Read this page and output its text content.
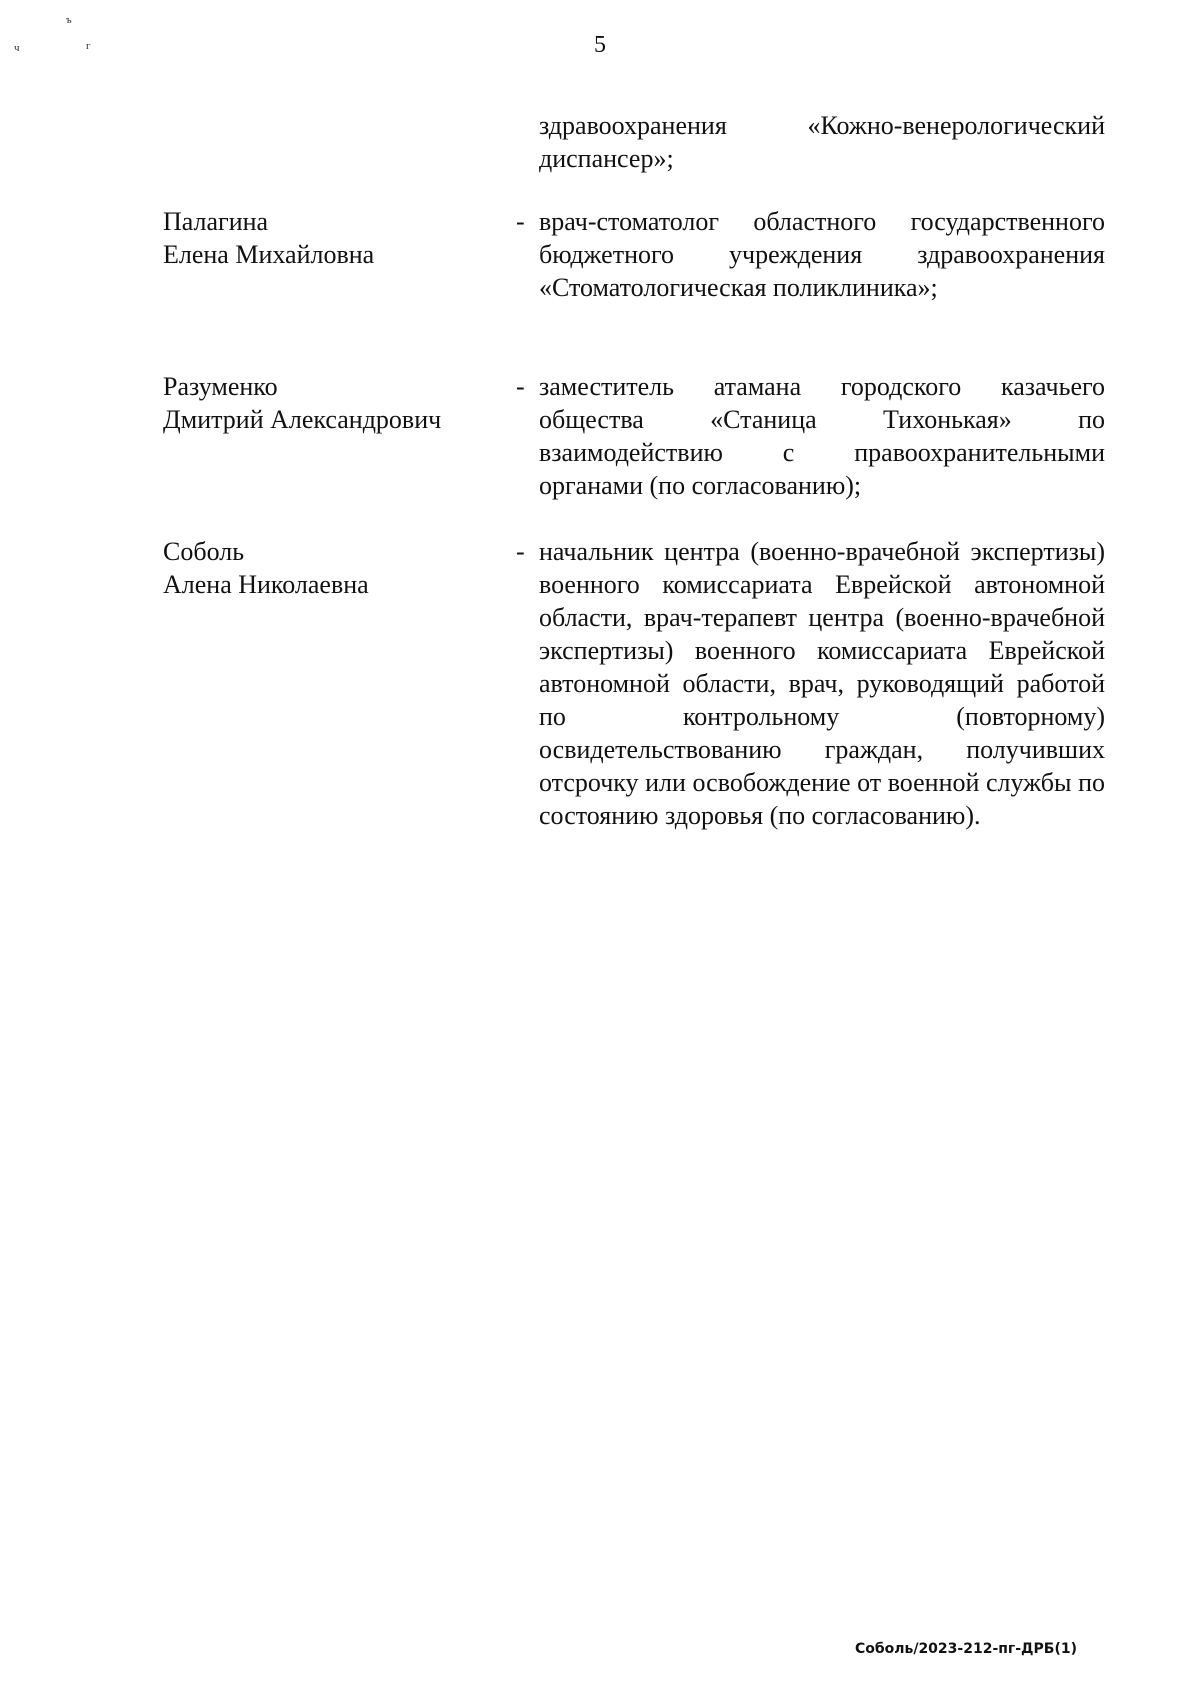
ъ
ч	г	5
здравоохранения «Кожно-венерологический диспансер»;
Палагина
Елена Михайловна
- врач-стоматолог областного государственного бюджетного учреждения здравоохранения «Стоматологическая поликлиника»;
Разуменко
Дмитрий Александрович
- заместитель атамана городского казачьего общества «Станица Тихонькая» по взаимодействию с правоохранительными органами (по согласованию);
Соболь
Алена Николаевна
- начальник центра (военно-врачебной экспертизы) военного комиссариата Еврейской автономной области, врач-терапевт центра (военно-врачебной экспертизы) военного комиссариата Еврейской автономной области, врач, руководящий работой по контрольному (повторному) освидетельствованию граждан, получивших отсрочку или освобождение от военной службы по состоянию здоровья (по согласованию).
Соболь/2023-212-пг-ДРБ(1)
